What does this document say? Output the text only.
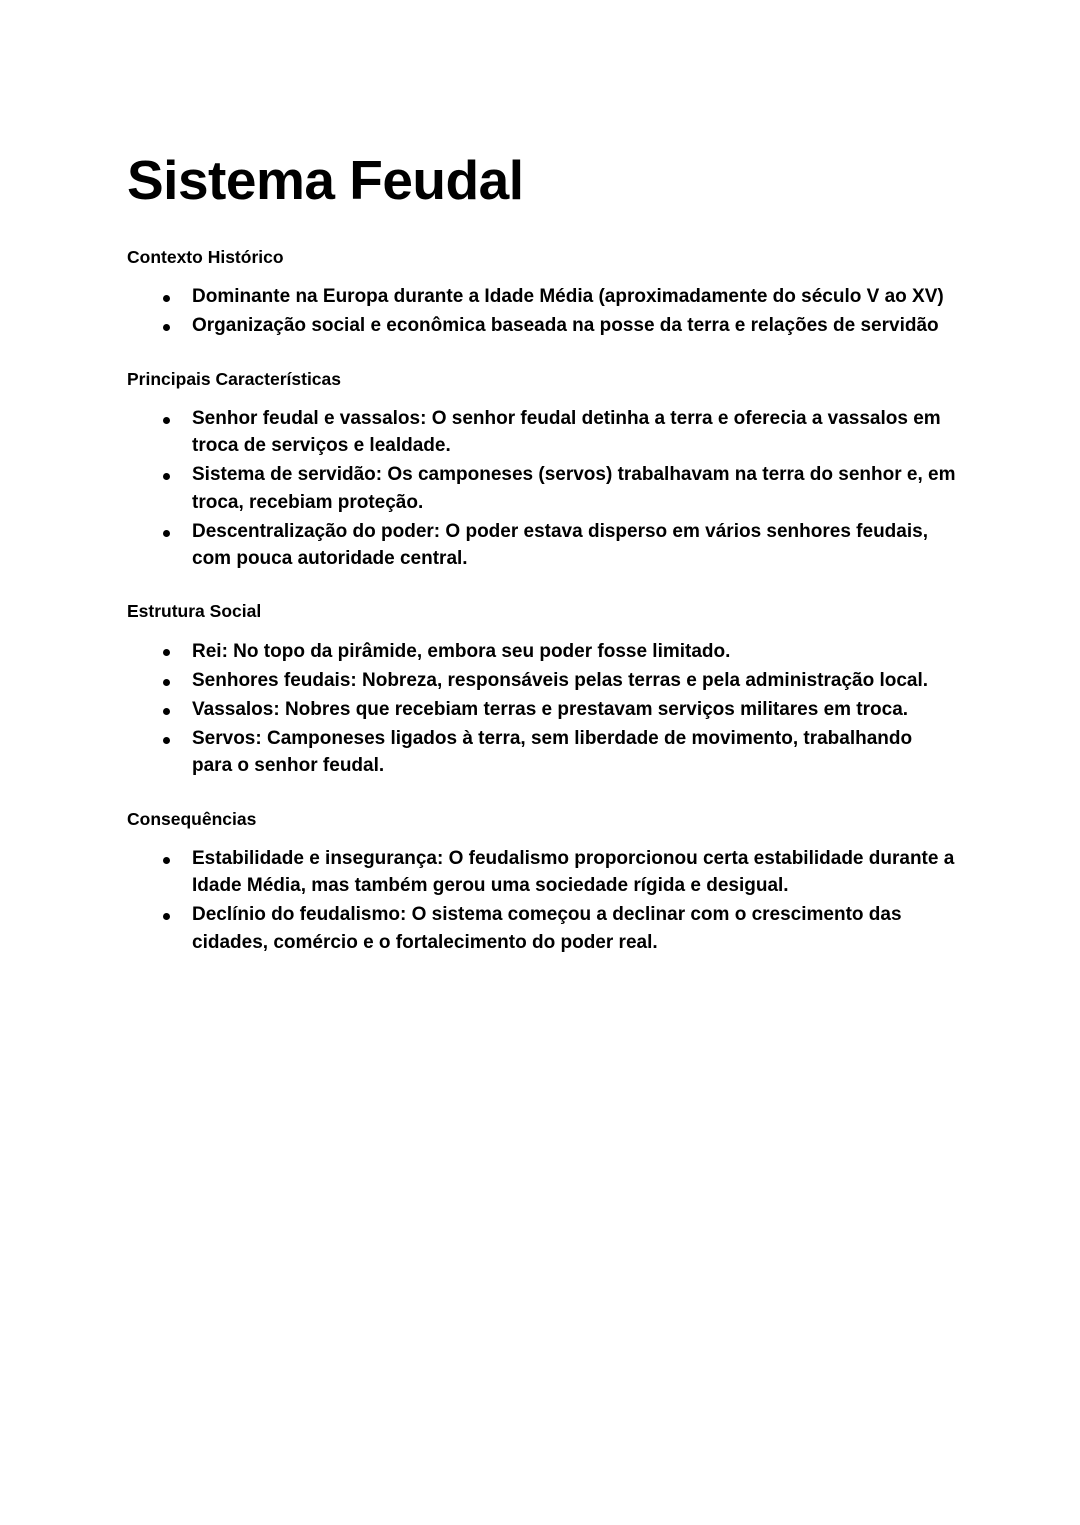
Sistema Feudal
Contexto Histórico
Dominante na Europa durante a Idade Média (aproximadamente do século V ao XV)
Organização social e econômica baseada na posse da terra e relações de servidão
Principais Características
Senhor feudal e vassalos: O senhor feudal detinha a terra e oferecia a vassalos em troca de serviços e lealdade.
Sistema de servidão: Os camponeses (servos) trabalhavam na terra do senhor e, em troca, recebiam proteção.
Descentralização do poder: O poder estava disperso em vários senhores feudais, com pouca autoridade central.
Estrutura Social
Rei: No topo da pirâmide, embora seu poder fosse limitado.
Senhores feudais: Nobreza, responsáveis pelas terras e pela administração local.
Vassalos: Nobres que recebiam terras e prestavam serviços militares em troca.
Servos: Camponeses ligados à terra, sem liberdade de movimento, trabalhando para o senhor feudal.
Consequências
Estabilidade e insegurança: O feudalismo proporcionou certa estabilidade durante a Idade Média, mas também gerou uma sociedade rígida e desigual.
Declínio do feudalismo: O sistema começou a declinar com o crescimento das cidades, comércio e o fortalecimento do poder real.
